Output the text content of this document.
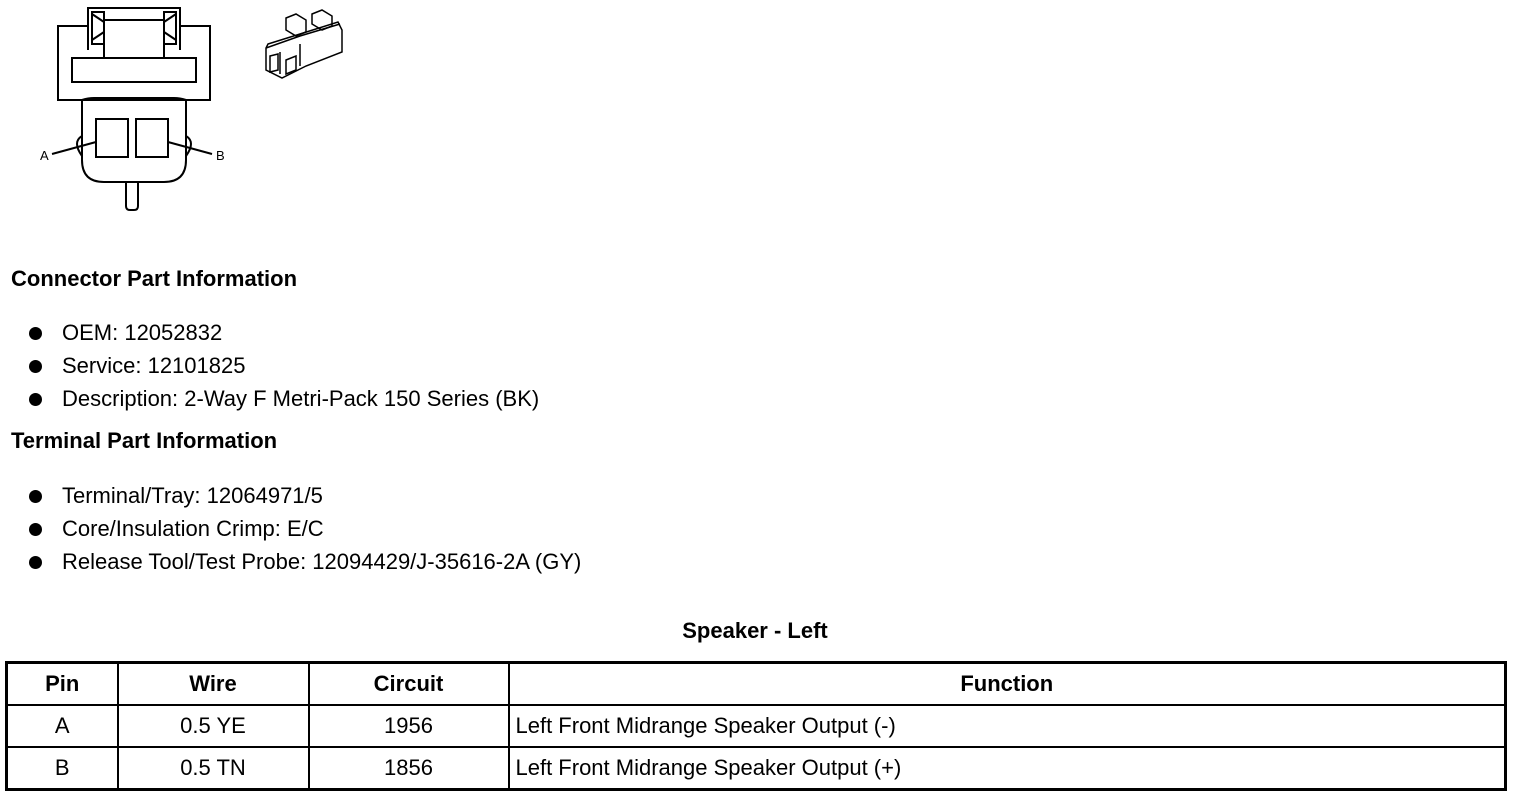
A	B
Connector Part Information
OEM: 12052832
Service: 12101825
Description: 2-Way F Metri-Pack 150 Series (BK)
Terminal Part Information
Terminal/Tray: 12064971/5
Core/Insulation Crimp: E/C
Release Tool/Test Probe: 12094429/J-35616-2A (GY)
Speaker - Left
Pin	Wire	Circuit	Function
A	0.5 YE	1956	Left Front Midrange Speaker Output (-)
B	0.5 TN	1856	Left Front Midrange Speaker Output (+)
